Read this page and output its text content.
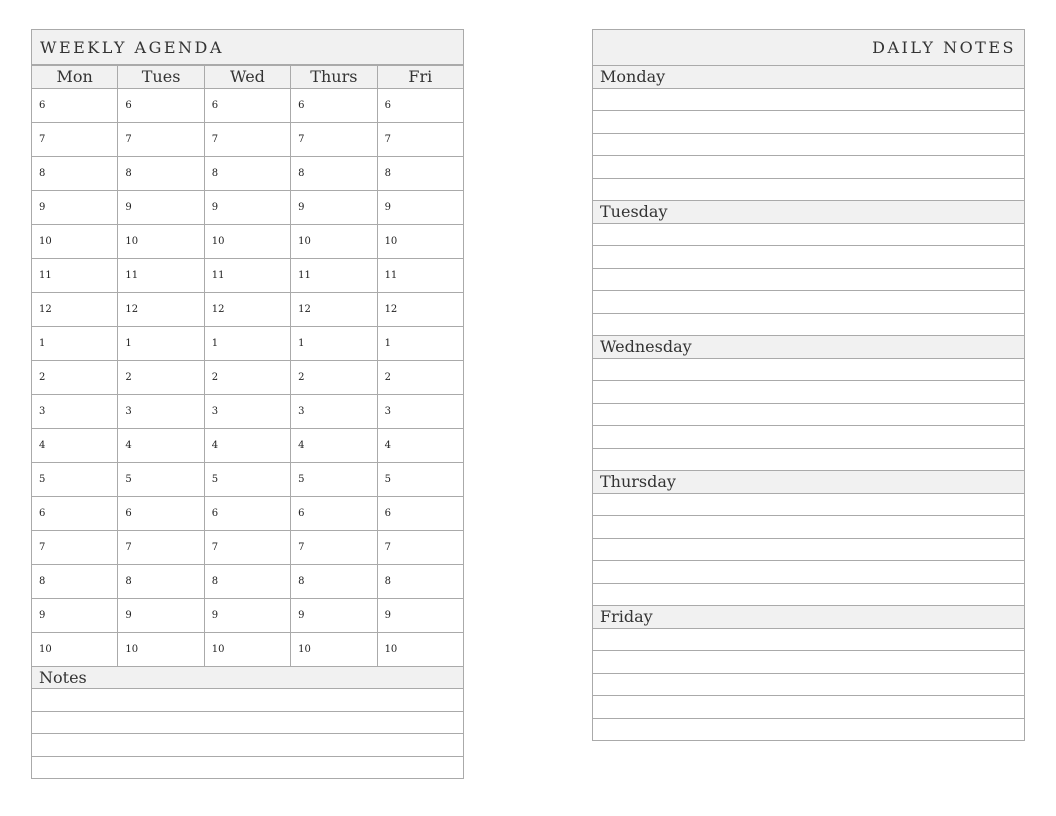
WEEKLY AGENDA
Mon	Tues	Wed	Thurs	Fri
6	6	6	6	6
7	7	7	7	7
8	8	8	8	8
9	9	9	9	9
10	10	10	10	10
11	11	11	11	11
12	12	12	12	12
1	1	1	1	1
2	2	2	2	2
3	3	3	3	3
4	4	4	4	4
5	5	5	5	5
6	6	6	6	6
7	7	7	7	7
8	8	8	8	8
9	9	9	9	9
10	10	10	10	10
Notes
DAILY NOTES
Monday
Tuesday
Wednesday
Thursday
Friday
